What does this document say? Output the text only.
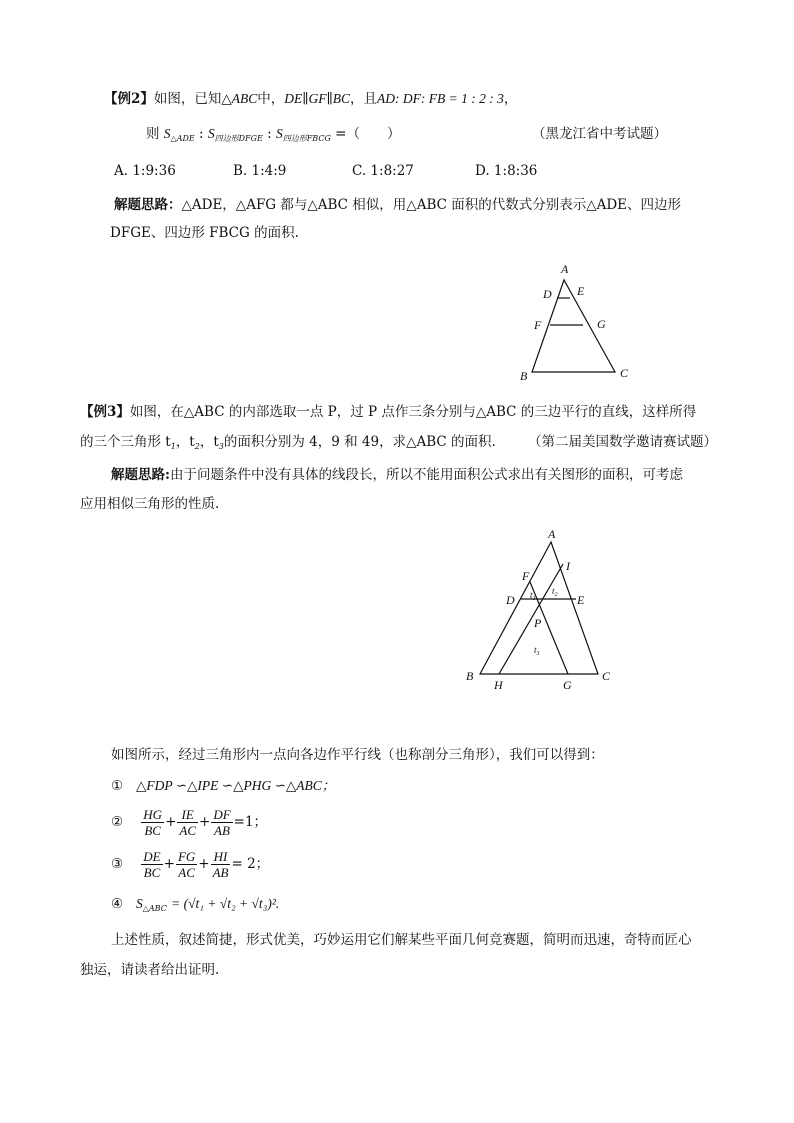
【例2】如图，已知△ABC中，DE∥GF∥BC，且AD: DF: FB = 1 : 2 : 3，
则 $S_{\triangle ADE}$ : $S_{四边形DFGE}$ : $S_{四边形FBCG}$ =（　　）	（黑龙江省中考试题）
A. 1:9:36	B. 1:4:9	C. 1:8:27	D. 1:8:36
解题思路：△ADE，△AFG 都与△ABC 相似，用△ABC 面积的代数式分别表示△ADE、四边形
DFGE、四边形 FBCG 的面积.
A
D E
F	G
B	C
【例3】如图，在△ABC 的内部选取一点 P，过 P 点作三条分别与△ABC 的三边平行的直线，这样所得
的三个三角形 $t_1$，$t_2$，$t_3$的面积分别为 4，9 和 49，求△ABC 的面积. （第二届美国数学邀请赛试题）
解题思路:由于问题条件中没有具体的线段长，所以不能用面积公式求出有关图形的面积，可考虑
应用相似三角形的性质.
A
I
F
D	E
P
$t_1$
$t_2$
$t_3$
B
H	G
C
如图所示，经过三角形内一点向各边作平行线（也称剖分三角形），我们可以得到：
① △FDP ∽△IPE ∽△PHG ∽△ABC；
② $\frac{HG}{BC} + \frac{IE}{AC} + \frac{DF}{AB} =1$；
③ $\frac{DE}{BC} + \frac{FG}{AC} + \frac{HI}{AB} = 2$；
④ $S_{\triangle ABC} = (√t_1 + √t_2 + √t_3)^2$.
上述性质，叙述简捷，形式优美，巧妙运用它们解某些平面几何竞赛题，简明而迅速，奇特而匠心
独运，请读者给出证明.
